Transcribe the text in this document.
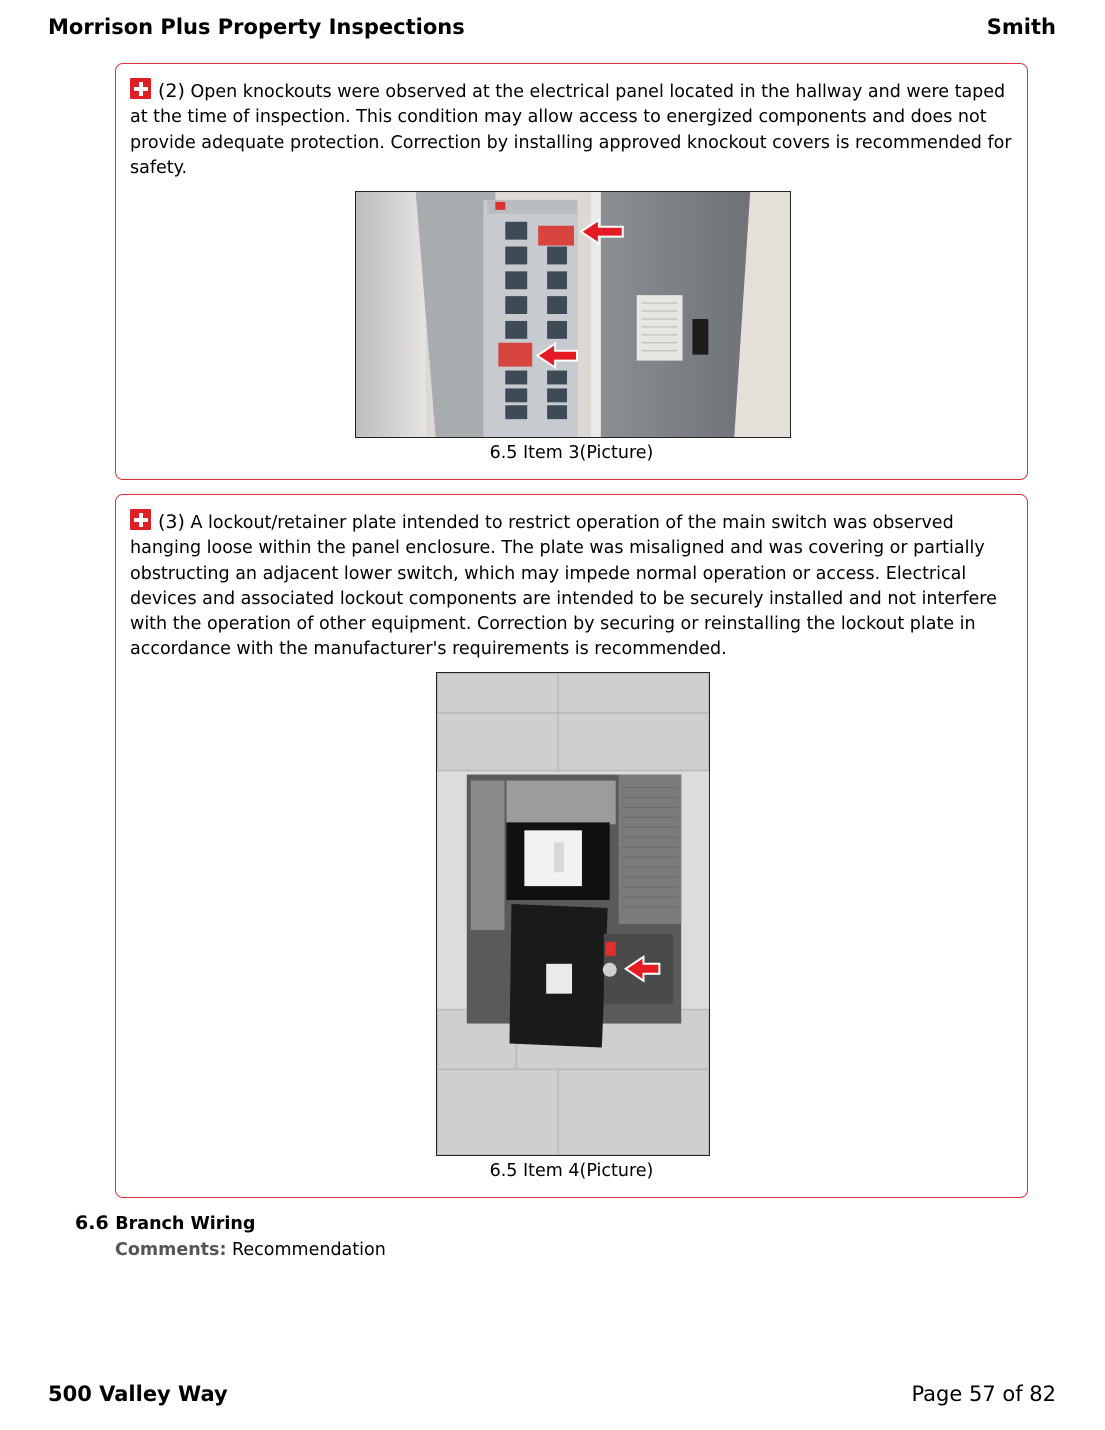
Morrison Plus Property Inspections	Smith
(2) Open knockouts were observed at the electrical panel located in the hallway and were taped at the time of inspection. This condition may allow access to energized components and does not provide adequate protection. Correction by installing approved knockout covers is recommended for safety.
6.5 Item 3(Picture)
(3) A lockout/retainer plate intended to restrict operation of the main switch was observed hanging loose within the panel enclosure. The plate was misaligned and was covering or partially obstructing an adjacent lower switch, which may impede normal operation or access. Electrical devices and associated lockout components are intended to be securely installed and not interfere with the operation of other equipment. Correction by securing or reinstalling the lockout plate in accordance with the manufacturer's requirements is recommended.
6.5 Item 4(Picture)
6.6 Branch Wiring
Comments: Recommendation
500 Valley Way	Page 57 of 82
